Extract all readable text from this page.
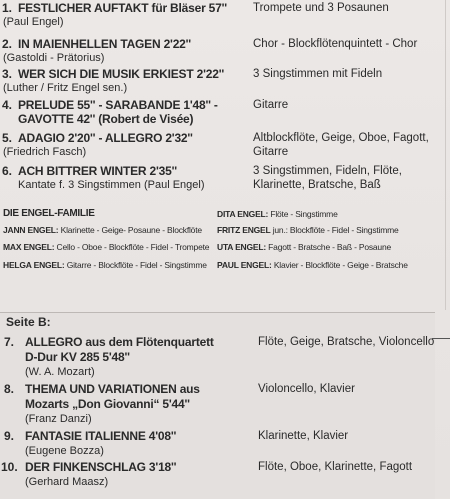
1. FESTLICHER AUFTAKT für Bläser 57''
(Paul Engel)
Trompete und 3 Posaunen
2. IN MAIENHELLEN TAGEN 2'22''
(Gastoldi - Prätorius)
Chor - Blockflötenquintett - Chor
3. WER SICH DIE MUSIK ERKIEST 2'22''
(Luther / Fritz Engel sen.)
3 Singstimmen mit Fideln
4. PRELUDE 55'' - SARABANDE 1'48'' -
GAVOTTE 42'' (Robert de Visée)
Gitarre
5. ADAGIO 2'20'' - ALLEGRO 2'32''
(Friedrich Fasch)
Altblockflöte, Geige, Oboe, Fagott,
Gitarre
6. ACH BITTRER WINTER 2'35''
Kantate f. 3 Singstimmen (Paul Engel)
3 Singstimmen, Fideln, Flöte,
Klarinette, Bratsche, Baß
DIE ENGEL-FAMILIE
JANN ENGEL: Klarinette - Geige- Posaune - Blockflöte
MAX ENGEL: Cello - Oboe - Blockflöte - Fidel - Trompete
HELGA ENGEL: Gitarre - Blockflöte - Fidel - Singstimme
DITA ENGEL: Flöte - Singstimme
FRITZ ENGEL jun.: Blockflöte - Fidel - Singstimme
UTA ENGEL: Fagott - Bratsche - Baß - Posaune
PAUL ENGEL: Klavier - Blockflöte - Geige - Bratsche
Seite B:
7. ALLEGRO aus dem Flötenquartett
D-Dur KV 285 5'48''
(W. A. Mozart)
Flöte, Geige, Bratsche, Violoncello
8. THEMA UND VARIATIONEN aus
Mozarts „Don Giovanni“ 5'44''
(Franz Danzi)
Violoncello, Klavier
9. FANTASIE ITALIENNE 4'08''
(Eugene Bozza)
Klarinette, Klavier
10. DER FINKENSCHLAG 3'18''
(Gerhard Maasz)
Flöte, Oboe, Klarinette, Fagott
